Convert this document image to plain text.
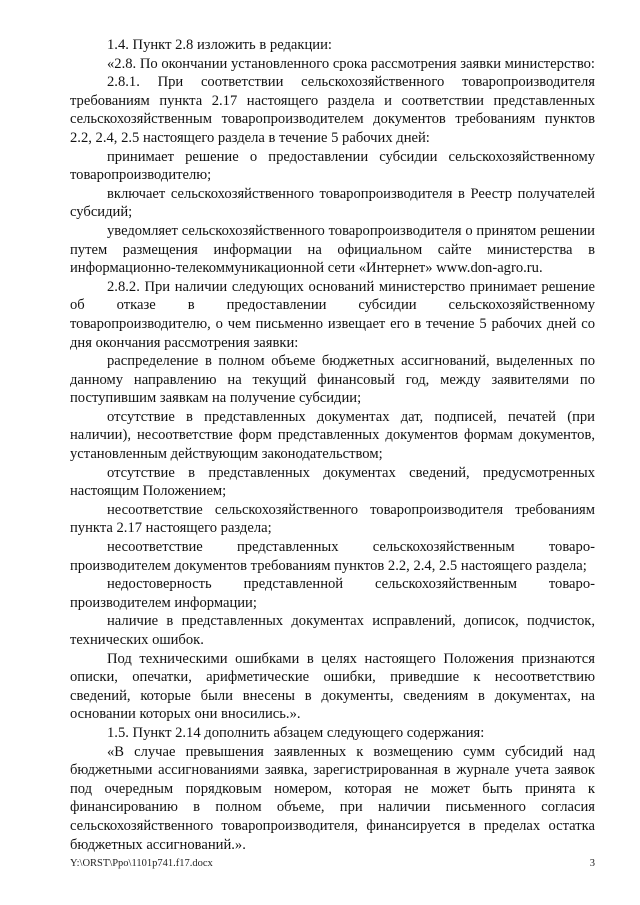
1.4. Пункт 2.8 изложить в редакции:

«2.8. По окончании установленного срока рассмотрения заявки министерство:

2.8.1. При соответствии сельскохозяйственного товаропроизводителя требованиям пункта 2.17 настоящего раздела и соответствии представленных сельскохозяйственным товаропроизводителем документов требованиям пунктов 2.2, 2.4, 2.5 настоящего раздела в течение 5 рабочих дней:

принимает решение о предоставлении субсидии сельскохозяйственному товаропроизводителю;

включает сельскохозяйственного товаропроизводителя в Реестр получателей субсидий;

уведомляет сельскохозяйственного товаропроизводителя о принятом решении путем размещения информации на официальном сайте министерства в информационно-телекоммуникационной сети «Интернет» www.don-agro.ru.

2.8.2. При наличии следующих оснований министерство принимает решение об отказе в предоставлении субсидии сельскохозяйственному товаропроизводителю, о чем письменно извещает его в течение 5 рабочих дней со дня окончания рассмотрения заявки:

распределение в полном объеме бюджетных ассигнований, выделенных по данному направлению на текущий финансовый год, между заявителями по поступившим заявкам на получение субсидии;

отсутствие в представленных документах дат, подписей, печатей (при наличии), несоответствие форм представленных документов формам документов, установленным действующим законодательством;

отсутствие в представленных документах сведений, предусмотренных настоящим Положением;

несоответствие сельскохозяйственного товаропроизводителя требованиям пункта 2.17 настоящего раздела;

несоответствие представленных сельскохозяйственным товаропроизводителем документов требованиям пунктов 2.2, 2.4, 2.5 настоящего раздела;

недостоверность представленной сельскохозяйственным товаропроизводителем информации;

наличие в представленных документах исправлений, дописок, подчисток, технических ошибок.

Под техническими ошибками в целях настоящего Положения признаются описки, опечатки, арифметические ошибки, приведшие к несоответствию сведений, которые были внесены в документы, сведениям в документах, на основании которых они вносились.».

1.5. Пункт 2.14 дополнить абзацем следующего содержания:

«В случае превышения заявленных к возмещению сумм субсидий над бюджетными ассигнованиями заявка, зарегистрированная в журнале учета заявок под очередным порядковым номером, которая не может быть принята к финансированию в полном объеме, при наличии письменного согласия сельскохозяйственного товаропроизводителя, финансируется в пределах остатка бюджетных ассигнований.».

Y:\ORST\Ppo\1101p741.f17.docx	3
